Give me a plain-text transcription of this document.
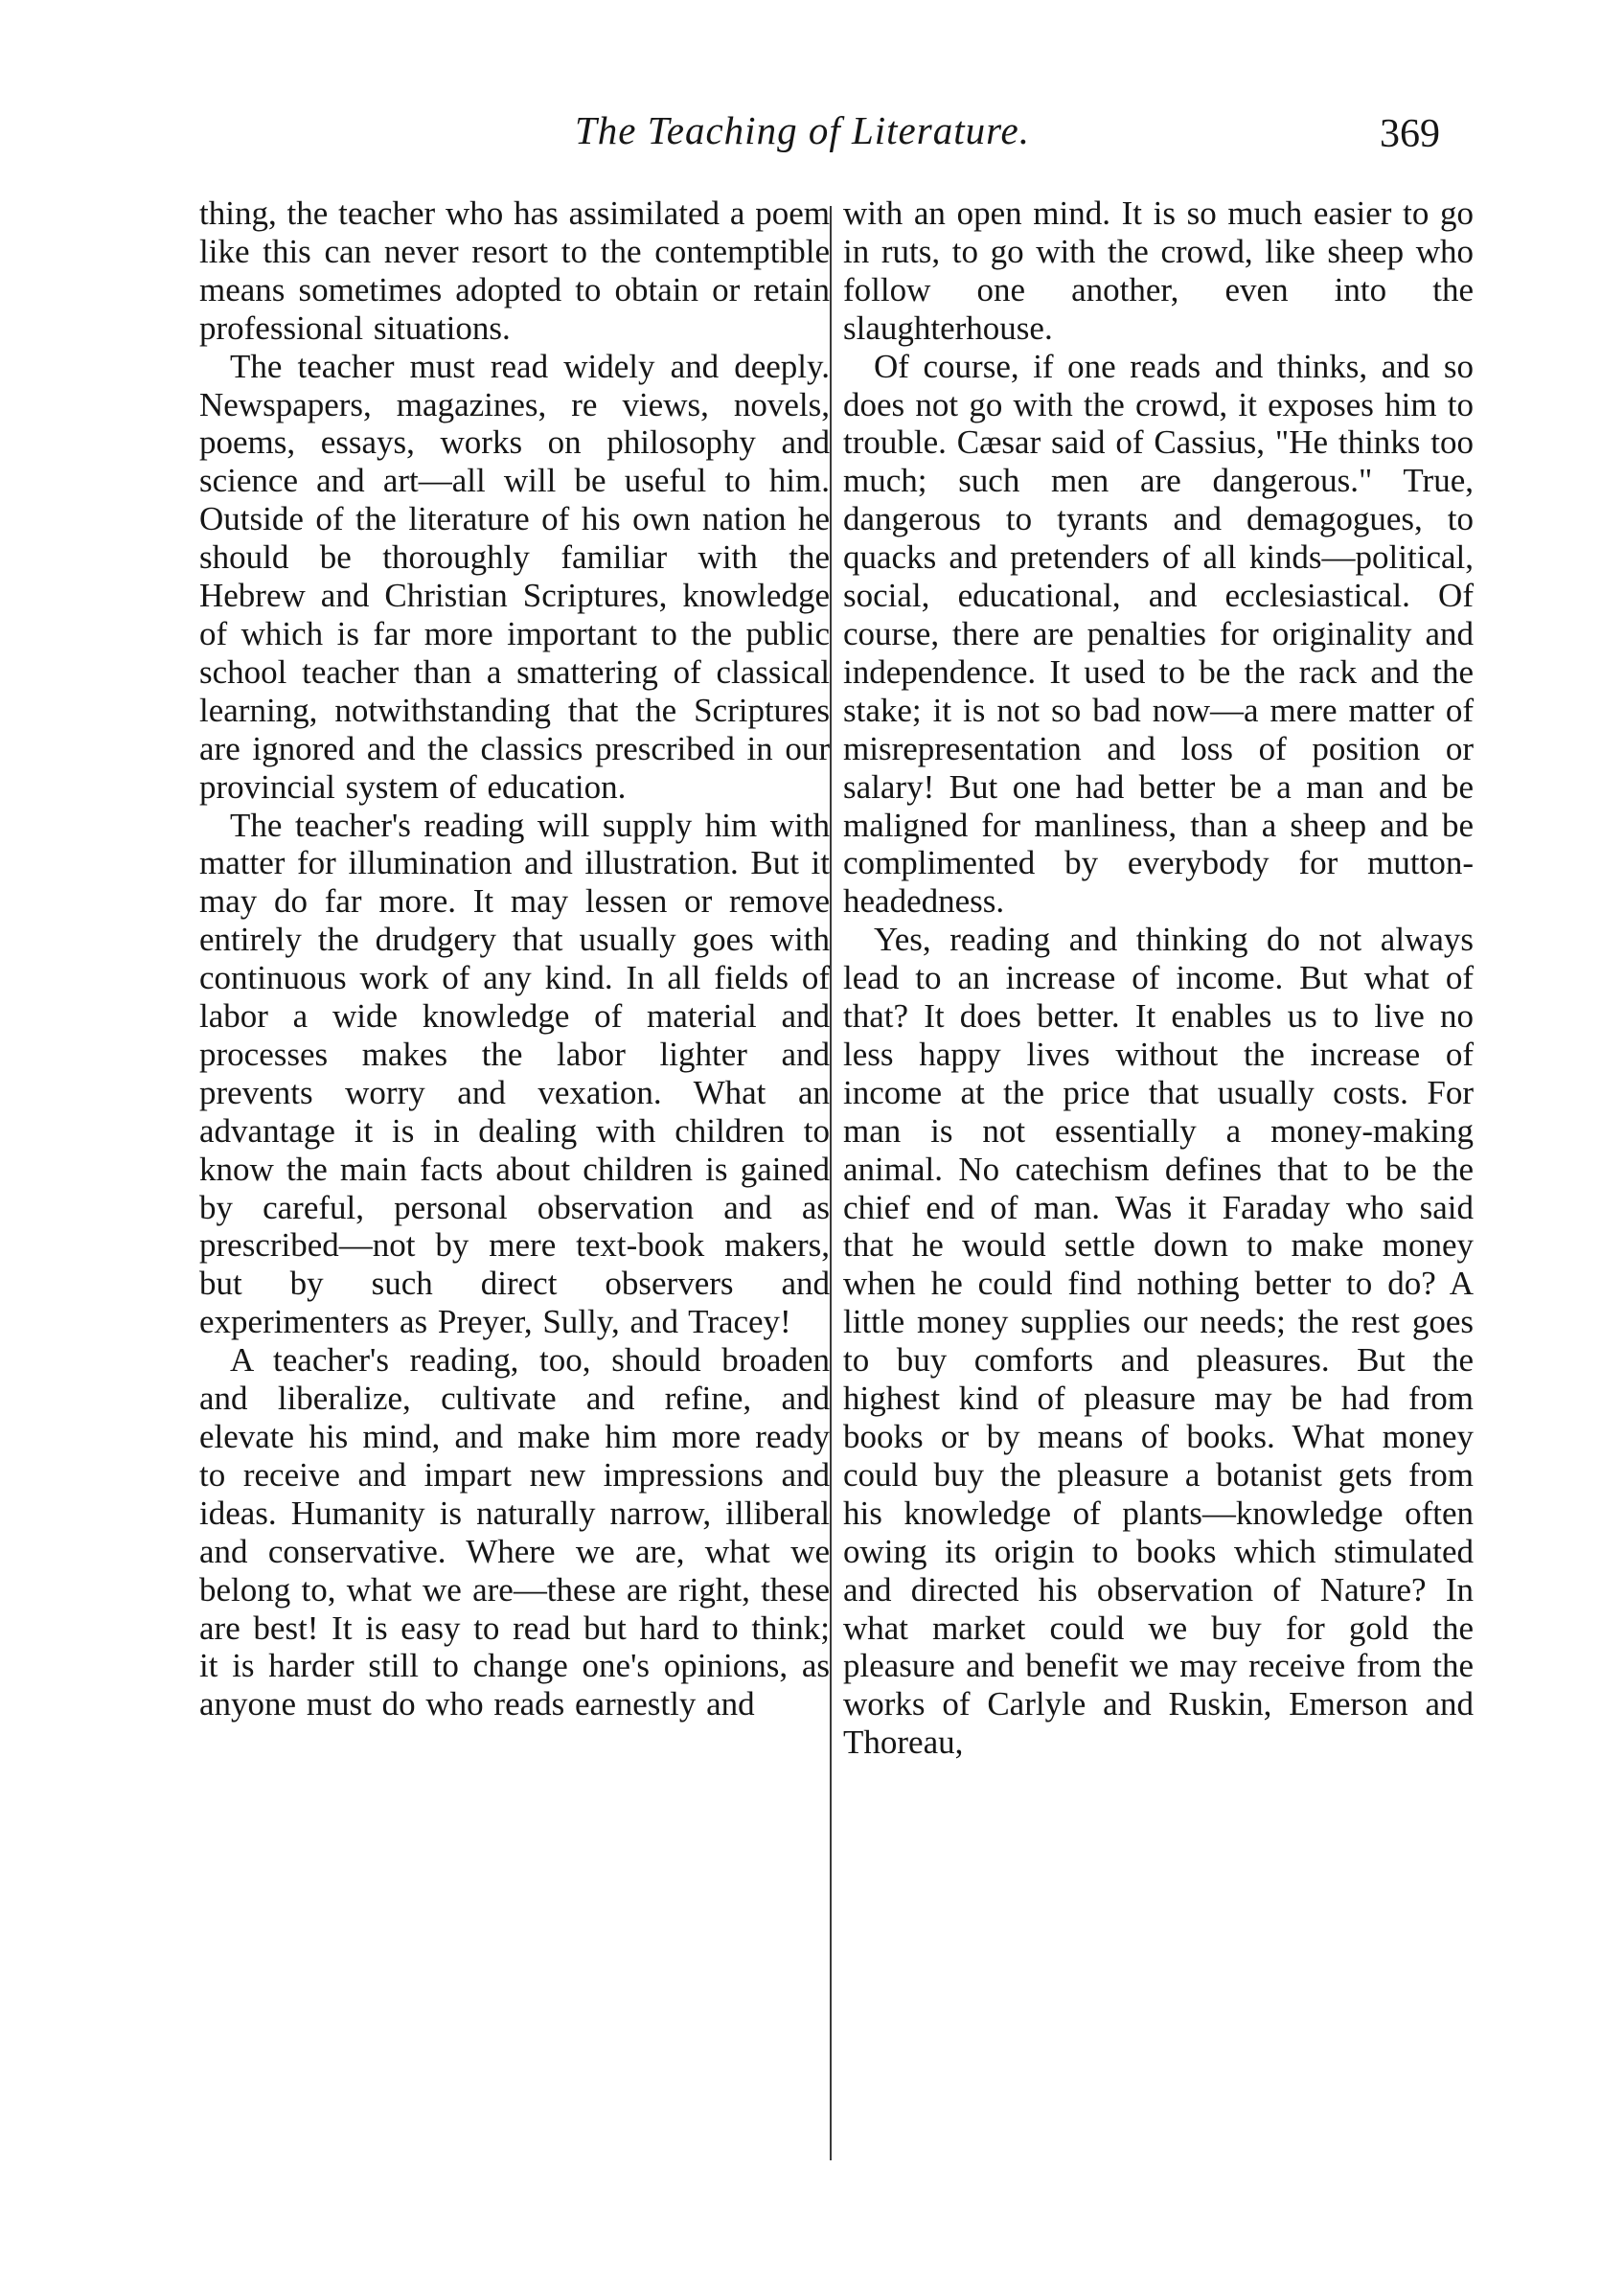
The Teaching of Literature.	369

thing, the teacher who has assimilated a poem like this can never resort to the contemptible means sometimes adopted to obtain or retain professional situations.

The teacher must read widely and deeply. Newspapers, magazines, re views, novels, poems, essays, works on philosophy and science and art—all will be useful to him. Outside of the literature of his own nation he should be thoroughly familiar with the Hebrew and Christian Scriptures, knowledge of which is far more important to the public school teacher than a smattering of classical learning, notwithstanding that the Scriptures are ignored and the classics prescribed in our provincial system of education.

The teacher's reading will supply him with matter for illumination and illustration. But it may do far more. It may lessen or remove entirely the drudgery that usually goes with continuous work of any kind. In all fields of labor a wide knowledge of material and processes makes the labor lighter and prevents worry and vexation. What an advantage it is in dealing with children to know the main facts about children is gained by careful, personal observation and as prescribed—not by mere text-book makers, but by such direct observers and experimenters as Preyer, Sully, and Tracey!

A teacher's reading, too, should broaden and liberalize, cultivate and refine, and elevate his mind, and make him more ready to receive and impart new impressions and ideas. Humanity is naturally narrow, illiberal and conservative. Where we are, what we belong to, what we are—these are right, these are best! It is easy to read but hard to think; it is harder still to change one's opinions, as anyone must do who reads earnestly and

with an open mind. It is so much easier to go in ruts, to go with the crowd, like sheep who follow one another, even into the slaughterhouse.

Of course, if one reads and thinks, and so does not go with the crowd, it exposes him to trouble. Cæsar said of Cassius, "He thinks too much; such men are dangerous." True, dangerous to tyrants and demagogues, to quacks and pretenders of all kinds—political, social, educational, and ecclesiastical. Of course, there are penalties for originality and independence. It used to be the rack and the stake; it is not so bad now—a mere matter of misrepresentation and loss of position or salary! But one had better be a man and be maligned for manliness, than a sheep and be complimented by everybody for mutton-headedness.

Yes, reading and thinking do not always lead to an increase of income. But what of that? It does better. It enables us to live no less happy lives without the increase of income at the price that usually costs. For man is not essentially a money-making animal. No catechism defines that to be the chief end of man. Was it Faraday who said that he would settle down to make money when he could find nothing better to do? A little money supplies our needs; the rest goes to buy comforts and pleasures. But the highest kind of pleasure may be had from books or by means of books. What money could buy the pleasure a botanist gets from his knowledge of plants—knowledge often owing its origin to books which stimulated and directed his observation of Nature? In what market could we buy for gold the pleasure and benefit we may receive from the works of Carlyle and Ruskin, Emerson and Thoreau,
